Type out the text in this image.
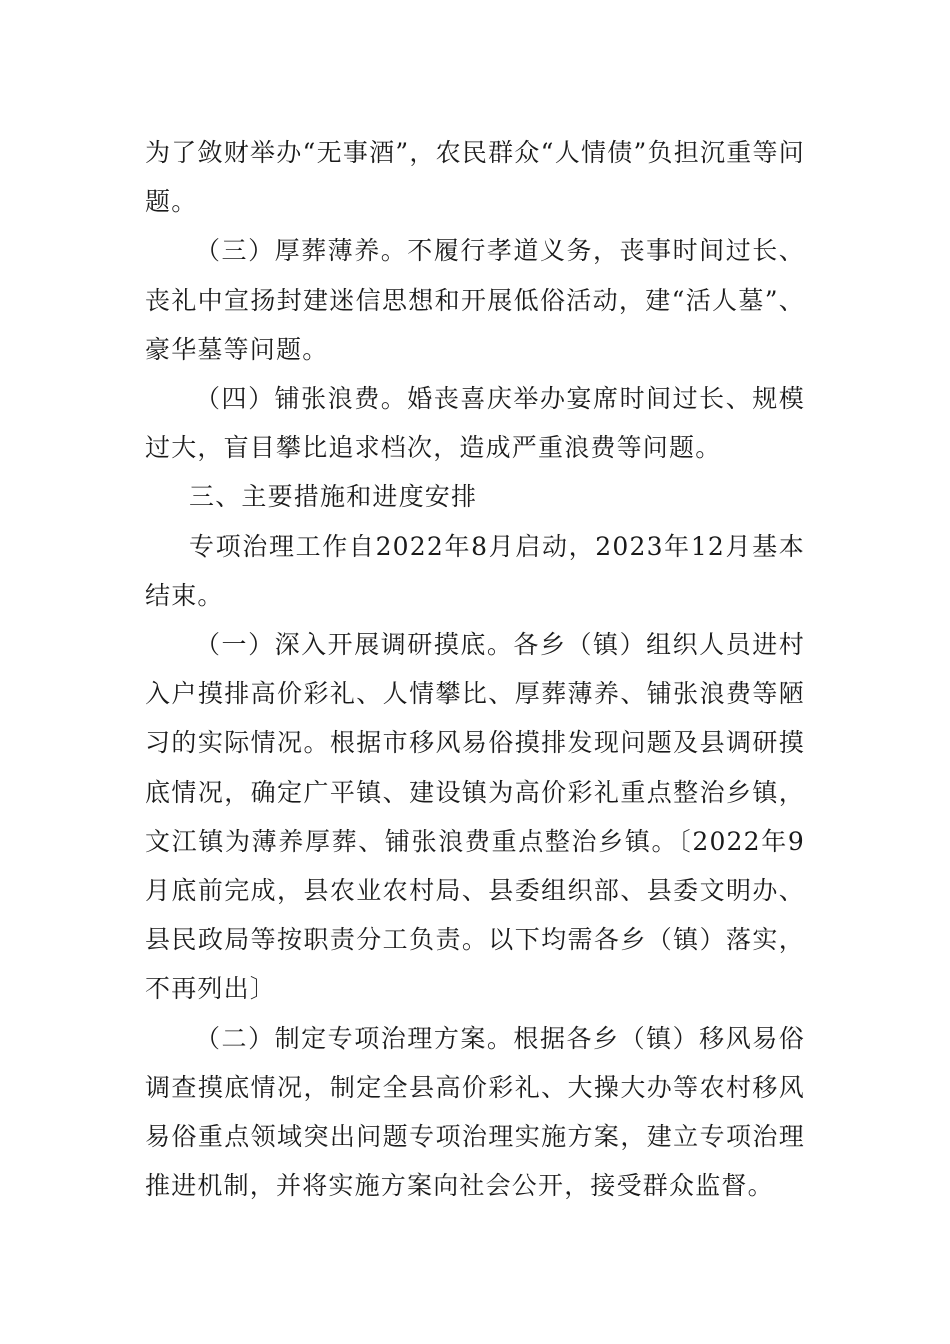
为了敛财举办“无事酒”，农民群众“人情债”负担沉重等问题。

（三）厚葬薄养。不履行孝道义务，丧事时间过长、丧礼中宣扬封建迷信思想和开展低俗活动，建“活人墓”、豪华墓等问题。

（四）铺张浪费。婚丧喜庆举办宴席时间过长、规模过大，盲目攀比追求档次，造成严重浪费等问题。

三、主要措施和进度安排

专项治理工作自2022年8月启动，2023年12月基本结束。

（一）深入开展调研摸底。各乡（镇）组织人员进村入户摸排高价彩礼、人情攀比、厚葬薄养、铺张浪费等陋习的实际情况。根据市移风易俗摸排发现问题及县调研摸底情况，确定广平镇、建设镇为高价彩礼重点整治乡镇，文江镇为薄养厚葬、铺张浪费重点整治乡镇。〔2022年9月底前完成，县农业农村局、县委组织部、县委文明办、县民政局等按职责分工负责。以下均需各乡（镇）落实，不再列出〕

（二）制定专项治理方案。根据各乡（镇）移风易俗调查摸底情况，制定全县高价彩礼、大操大办等农村移风易俗重点领域突出问题专项治理实施方案，建立专项治理推进机制，并将实施方案向社会公开，接受群众监督。
